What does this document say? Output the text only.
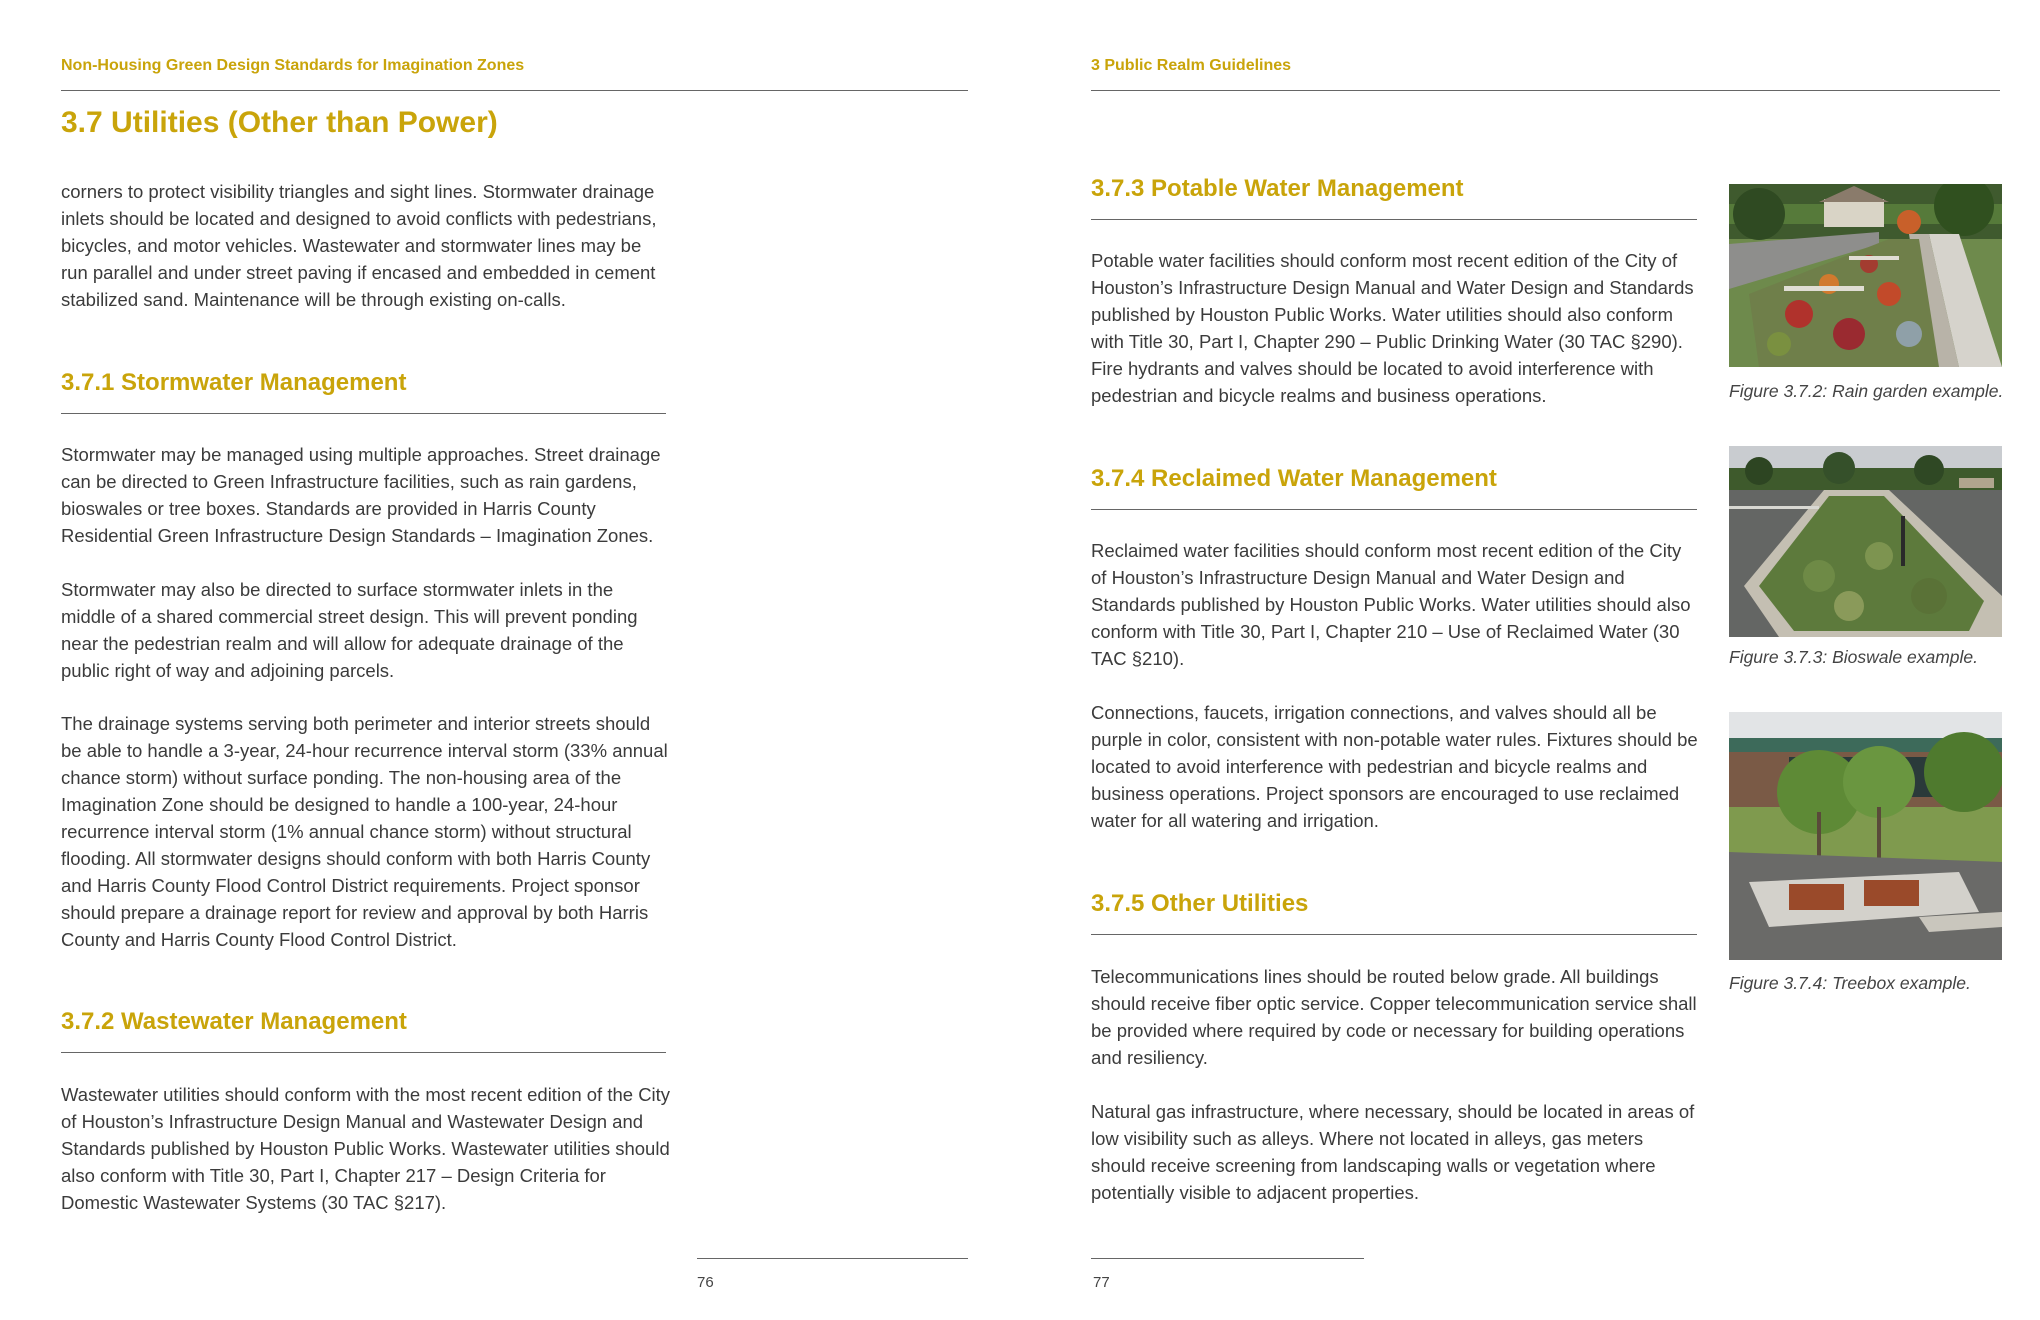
Non-Housing Green Design Standards for Imagination Zones
3.7 Utilities (Other than Power)

corners to protect visibility triangles and sight lines. Stormwater drainage inlets should be located and designed to avoid conflicts with pedestrians, bicycles, and motor vehicles. Wastewater and stormwater lines may be run parallel and under street paving if encased and embedded in cement stabilized sand. Maintenance will be through existing on-calls.

3.7.1 Stormwater Management

Stormwater may be managed using multiple approaches. Street drainage can be directed to Green Infrastructure facilities, such as rain gardens, bioswales or tree boxes. Standards are provided in Harris County Residential Green Infrastructure Design Standards – Imagination Zones.

Stormwater may also be directed to surface stormwater inlets in the middle of a shared commercial street design. This will prevent ponding near the pedestrian realm and will allow for adequate drainage of the public right of way and adjoining parcels.

The drainage systems serving both perimeter and interior streets should be able to handle a 3-year, 24-hour recurrence interval storm (33% annual chance storm) without surface ponding. The non-housing area of the Imagination Zone should be designed to handle a 100-year, 24-hour recurrence interval storm (1% annual chance storm) without structural flooding. All stormwater designs should conform with both Harris County and Harris County Flood Control District requirements. Project sponsor should prepare a drainage report for review and approval by both Harris County and Harris County Flood Control District.

3.7.2 Wastewater Management

Wastewater utilities should conform with the most recent edition of the City of Houston’s Infrastructure Design Manual and Wastewater Design and Standards published by Houston Public Works. Wastewater utilities should also conform with Title 30, Part I, Chapter 217 – Design Criteria for Domestic Wastewater Systems (30 TAC §217).

76
3 Public Realm Guidelines
3.7.3 Potable Water Management

Potable water facilities should conform most recent edition of the City of Houston’s Infrastructure Design Manual and Water Design and Standards published by Houston Public Works. Water utilities should also conform with Title 30, Part I, Chapter 290 – Public Drinking Water (30 TAC §290). Fire hydrants and valves should be located to avoid interference with pedestrian and bicycle realms and business operations.

3.7.4 Reclaimed Water Management

Reclaimed water facilities should conform most recent edition of the City of Houston’s Infrastructure Design Manual and Water Design and Standards published by Houston Public Works. Water utilities should also conform with Title 30, Part I, Chapter 210 – Use of Reclaimed Water (30 TAC §210).

Connections, faucets, irrigation connections, and valves should all be purple in color, consistent with non-potable water rules. Fixtures should be located to avoid interference with pedestrian and bicycle realms and business operations. Project sponsors are encouraged to use reclaimed water for all watering and irrigation.

3.7.5 Other Utilities

Telecommunications lines should be routed below grade. All buildings should receive fiber optic service. Copper telecommunication service shall be provided where required by code or necessary for building operations and resiliency.

Natural gas infrastructure, where necessary, should be located in areas of low visibility such as alleys. Where not located in alleys, gas meters should receive screening from landscaping walls or vegetation where potentially visible to adjacent properties.

Figure 3.7.2: Rain garden example.
Figure 3.7.3: Bioswale example.
Figure 3.7.4: Treebox example.
77
